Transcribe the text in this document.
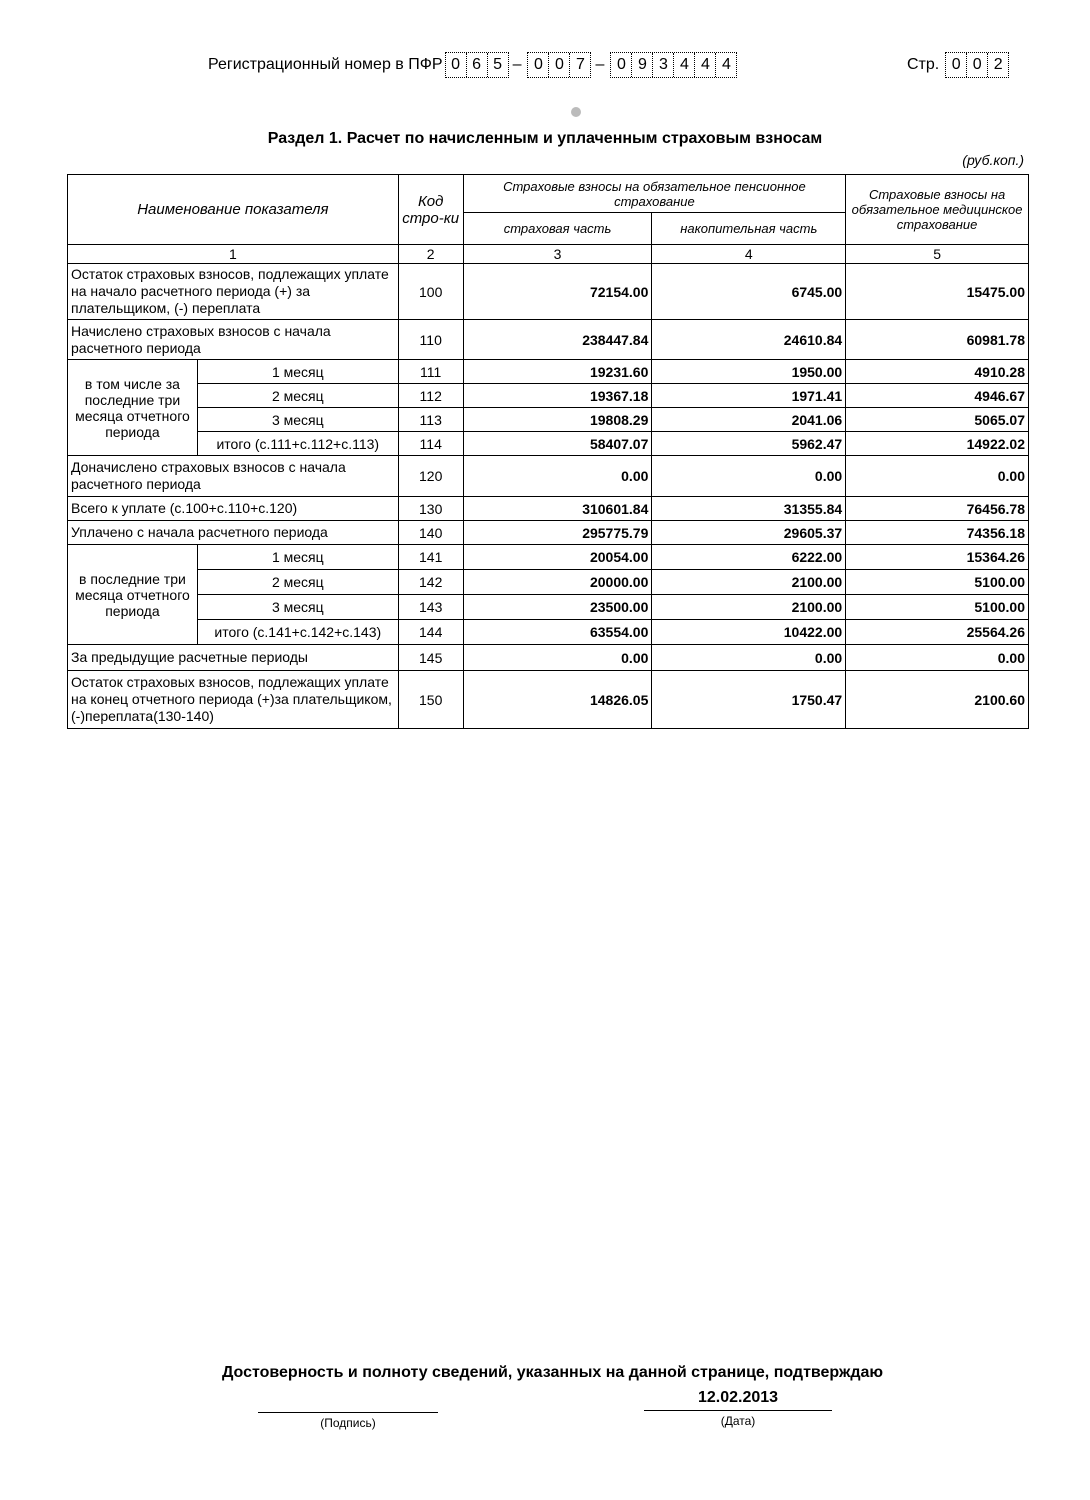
Регистрационный номер в ПФР 0 6 5 – 0 0 7 – 0 9 3 4 4 4	Стр. 0 0 2
Раздел 1. Расчет по начисленным и уплаченным страховым взносам
(руб.коп.)
Наименование показателя		Код стро-ки	Страховые взносы на обязательное пенсионное страхование		Страховые взносы на обязательное медицинское страхование
			страховая часть	накопительная часть	
1		2	3	4	5
Остаток страховых взносов, подлежащих уплате на начало расчетного периода (+) за плательщиком, (-) переплата		100	72154.00	6745.00	15475.00
Начислено страховых взносов с начала расчетного периода		110	238447.84	24610.84	60981.78
в том числе за последние три месяца отчетного периода	1 месяц	111	19231.60	1950.00	4910.28
	2 месяц	112	19367.18	1971.41	4946.67
	3 месяц	113	19808.29	2041.06	5065.07
	итого (с.111+с.112+с.113)	114	58407.07	5962.47	14922.02
Доначислено страховых взносов с начала расчетного периода		120	0.00	0.00	0.00
Всего к уплате (с.100+с.110+с.120)		130	310601.84	31355.84	76456.78
Уплачено с начала расчетного периода		140	295775.79	29605.37	74356.18
в последние три месяца отчетного периода	1 месяц	141	20054.00	6222.00	15364.26
	2 месяц	142	20000.00	2100.00	5100.00
	3 месяц	143	23500.00	2100.00	5100.00
	итого (с.141+с.142+с.143)	144	63554.00	10422.00	25564.26
За предыдущие расчетные периоды		145	0.00	0.00	0.00
Остаток страховых взносов, подлежащих уплате на конец отчетного периода (+)за плательщиком,(-)переплата(130-140)		150	14826.05	1750.47	2100.60
Достоверность и полноту сведений, указанных на данной странице, подтверждаю
12.02.2013
(Подпись)	(Дата)
